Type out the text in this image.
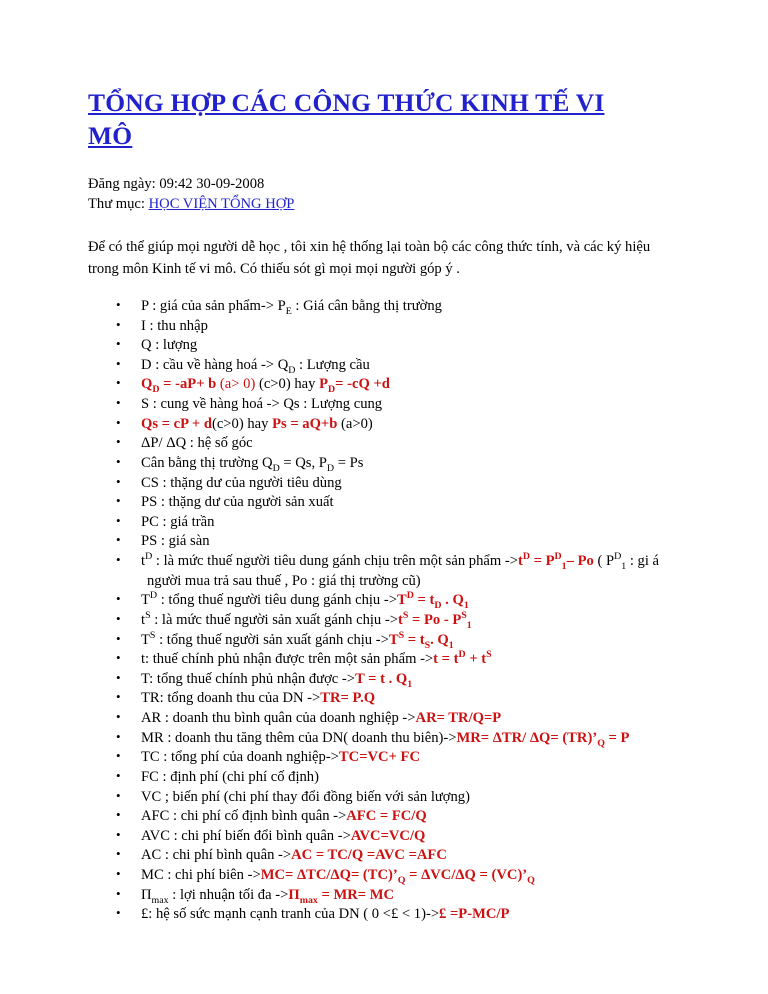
TỔNG HỢP CÁC CÔNG THỨC KINH TẾ VI MÔ

Đăng ngày: 09:42 30-09-2008

Thư mục: HỌC VIỆN TỔNG HỢP

Để có thể giúp mọi người dễ học , tôi xin hệ thống lại toàn bộ các công thức tính, và các ký hiệu trong môn Kinh tế vi mô. Có thiếu sót gì mọi mọi người góp ý .

• P : giá của sản phẩm-> $P_E$ : Giá cân bằng thị trường
• I : thu nhập
• Q : lượng
• D : cầu về hàng hoá -> $Q_D$ : Lượng cầu
• $Q_D = -aP+ b$ (a> 0) (c>0) hay $P_D= -cQ +d$
• S : cung về hàng hoá -> Qs : Lượng cung
• Qs = cP + d(c>0) hay Ps = aQ+b (a>0)
• ΔP/ ΔQ : hệ số góc
• Cân bằng thị trường $Q_D = Qs$, $P_D = Ps$
• CS : thặng dư của người tiêu dùng
• PS : thặng dư của người sản xuất
• PC : giá trần
• PS : giá sàn
• $t^D$ : là mức thuế người tiêu dung gánh chịu trên một sản phẩm $->t^D = P^D_1-$ Po ( $P^D_1$ : gi á
người mua trả sau thuế , Po : giá thị trường cũ)
• $T^D$ : tổng thuế người tiêu dung gánh chịu $->T^D = t_D$ . $Q_1$
• $t^S$ : là mức thuế người sản xuất gánh chịu $->t^S = Po - P^S_1$
• $T^S$ : tổng thuế người sản xuất gánh chịu $->T^S = t_S$. $Q_1$
• t: thuế chính phủ nhận được trên một sản phẩm $->t = t^D + t^S$
• T: tổng thuế chính phủ nhận được ->T = t . $Q_1$
• TR: tổng doanh thu của DN ->TR= P.Q
• AR : doanh thu bình quân của doanh nghiệp ->AR= TR/Q=P
• MR : doanh thu tăng thêm của DN( doanh thu biên)->MR= ΔTR/ $\Delta Q= (TR)’_Q = P$
• TC : tổng phí của doanh nghiệp->TC=VC+ FC
• FC : định phí (chi phí cố định)
• VC ; biến phí (chi phí thay đổi đồng biến với sản lượng)
• AFC : chi phí cố định bình quân ->AFC = FC/Q
• AVC : chi phí biến đổi bình quân ->AVC=VC/Q
• AC : chi phí bình quân ->AC = TC/Q =AVC =AFC
• MC : chi phí biên $->MC= \Delta TC/\Delta Q= (TC)’_Q = \Delta VC/\Delta Q$ = $(VC)’_Q$
• $\Pi_{max}$ : lợi nhuận tối đa $->\Pi_{max} = MR=$ MC
• £: hệ số sức mạnh cạnh tranh của DN ( 0 <£ < 1)->£ =P-MC/P
